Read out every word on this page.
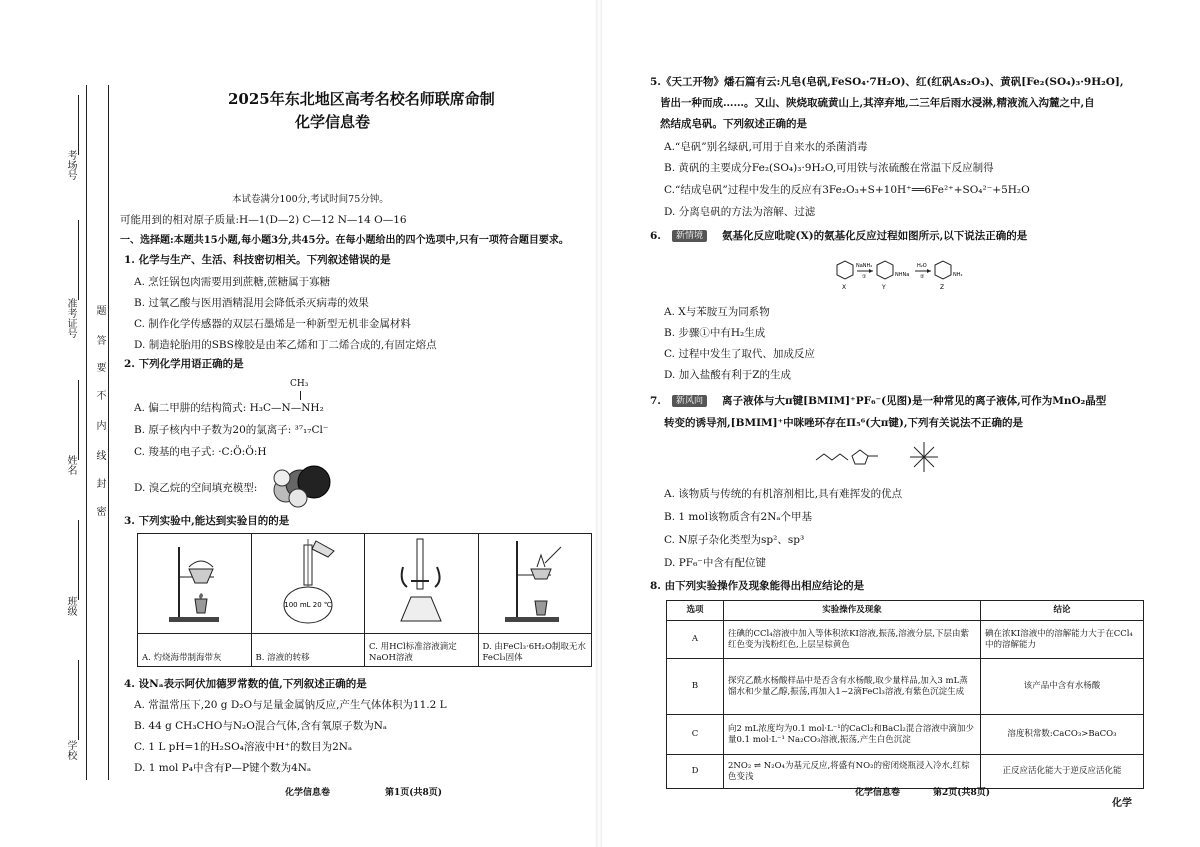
考场号
准考证号
姓名
班级
学校
题
答
要
不
内
线
封
密
2025年东北地区高考名校名师联席命制
化学信息卷
本试卷满分100分,考试时间75分钟。
可能用到的相对原子质量:H—1(D—2) C—12 N—14 O—16
一、选择题:本题共15小题,每小题3分,共45分。在每小题给出的四个选项中,只有一项符合题目要求。
1. 化学与生产、生活、科技密切相关。下列叙述错误的是
A. 烹饪锅包肉需要用到蔗糖,蔗糖属于寡糖
B. 过氧乙酸与医用酒精混用会降低杀灭病毒的效果
C. 制作化学传感器的双层石墨烯是一种新型无机非金属材料
D. 制造轮胎用的SBS橡胶是由苯乙烯和丁二烯合成的,有固定熔点
2. 下列化学用语正确的是
CH₃
A. 偏二甲肼的结构简式: H₃C—N—NH₂
B. 原子核内中子数为20的氯离子: ³⁷₁₇Cl⁻
C. 羧基的电子式: ·C:Ö:Ö:H
D. 溴乙烷的空间填充模型:
3. 下列实验中,能达到实验目的的是

100 mL 20 ℃

A. 灼烧海带制海带灰	B. 溶液的转移	C. 用HCl标准溶液滴定NaOH溶液	D. 由FeCl₃·6H₂O制取无水FeCl₃固体
4. 设Nₐ表示阿伏加德罗常数的值,下列叙述正确的是
A. 常温常压下,20 g D₂O与足量金属钠反应,产生气体体积为11.2 L
B. 44 g CH₃CHO与N₂O混合气体,含有氧原子数为Nₐ
C. 1 L pH=1的H₂SO₄溶液中H⁺的数目为2Nₐ
D. 1 mol P₄中含有P—P键个数为4Nₐ
化学信息卷	第1页(共8页)
5.《天工开物》燔石篇有云:凡皂(皂矾,FeSO₄·7H₂O)、红(红矾As₂O₃)、黄矾[Fe₂(SO₄)₃·9H₂O],
皆出一种而成……。又山、陕烧取硫黄山上,其滓弃地,二三年后雨水浸淋,精液流入沟麓之中,自
然结成皂矾。下列叙述正确的是
A.“皂矾”别名绿矾,可用于自来水的杀菌消毒
B. 黄矾的主要成分Fe₂(SO₄)₃·9H₂O,可用铁与浓硫酸在常温下反应制得
C.“结成皂矾”过程中发生的反应有3Fe₂O₃+S+10H⁺══6Fe²⁺+SO₄²⁻+5H₂O
D. 分离皂矾的方法为溶解、过滤
6.	新情境	氨基化反应吡啶(X)的氨基化反应过程如图所示,以下说法正确的是
X
NaNH₂
①	NHNa
Y
H₂O
②	NH₂
Z
A. X与苯胺互为同系物
B. 步骤①中有H₂生成
C. 过程中发生了取代、加成反应
D. 加入盐酸有利于Z的生成
7.	新风向	离子液体与大π键[BMIM]⁺PF₆⁻(见图)是一种常见的离子液体,可作为MnO₂晶型
转变的诱导剂,[BMIM]⁺中咪唑环存在Π₅⁶(大π键),下列有关说法不正确的是
A. 该物质与传统的有机溶剂相比,具有难挥发的优点
B. 1 mol该物质含有2Nₐ个甲基
C. N原子杂化类型为sp²、sp³
D. PF₆⁻中含有配位键
8. 由下列实验操作及现象能得出相应结论的是
选项	实验操作及现象	结论
A	往碘的CCl₄溶液中加入等体积浓KI溶液,振荡,溶液分层,下层由紫红色变为浅粉红色,上层呈棕黄色	碘在浓KI溶液中的溶解能力大于在CCl₄中的溶解能力
B	探究乙酰水杨酸样品中是否含有水杨酸,取少量样品,加入3 mL蒸馏水和少量乙醇,振荡,再加入1~2滴FeCl₃溶液,有紫色沉淀生成	该产品中含有水杨酸
C	向2 mL浓度均为0.1 mol·L⁻¹的CaCl₂和BaCl₂混合溶液中滴加少量0.1 mol·L⁻¹ Na₂CO₃溶液,振荡,产生白色沉淀	溶度积常数:CaCO₃>BaCO₃
D	2NO₂ ⇌ N₂O₄为基元反应,将盛有NO₂的密闭烧瓶浸入冷水,红棕色变浅	正反应活化能大于逆反应活化能
化学信息卷	第2页(共8页)
化学
